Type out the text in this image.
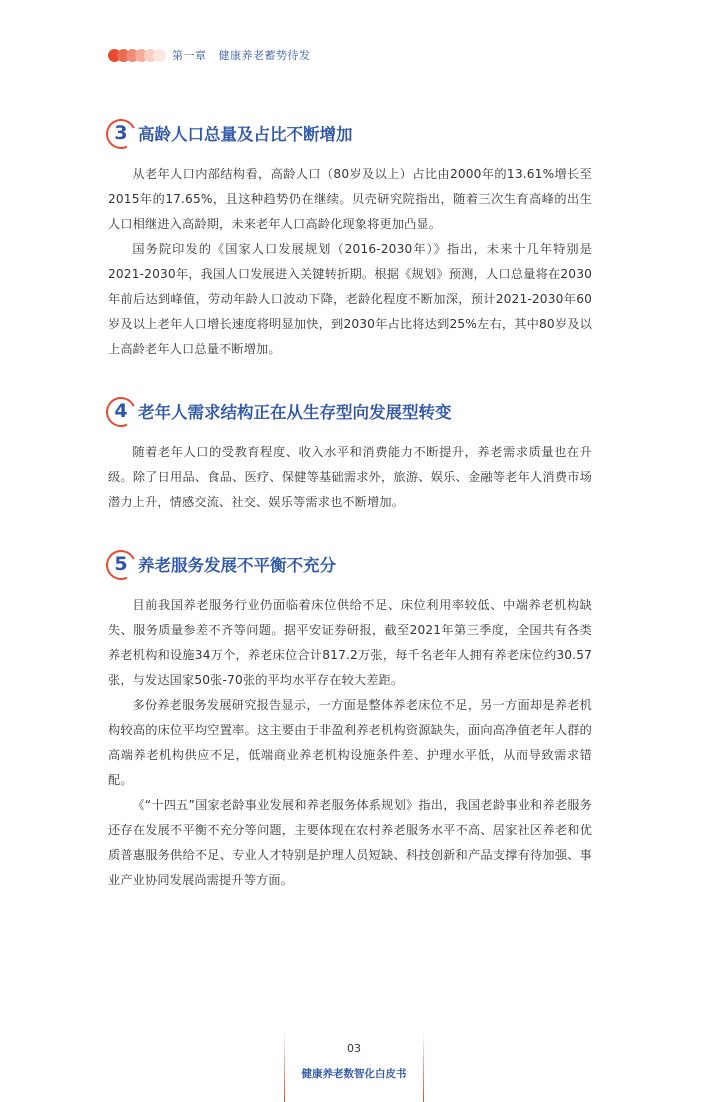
第一章 健康养老蓄势待发
3 高龄人口总量及占比不断增加

从老年人口内部结构看，高龄人口（80岁及以上）占比由2000年的13.61%增长至2015年的17.65%，且这种趋势仍在继续。贝壳研究院指出，随着三次生育高峰的出生人口相继进入高龄期，未来老年人口高龄化现象将更加凸显。

国务院印发的《国家人口发展规划（2016-2030年）》指出，未来十几年特别是2021-2030年，我国人口发展进入关键转折期。根据《规划》预测，人口总量将在2030年前后达到峰值，劳动年龄人口波动下降，老龄化程度不断加深，预计2021-2030年60　岁及以上老年人口增长速度将明显加快，到2030年占比将达到25%左右，其中80岁及以上高龄老年人口总量不断增加。

4 老年人需求结构正在从生存型向发展型转变

随着老年人口的受教育程度、收入水平和消费能力不断提升，养老需求质量也在升级。除了日用品、食品、医疗、保健等基础需求外，旅游、娱乐、金融等老年人消费市场潜力上升，情感交流、社交、娱乐等需求也不断增加。

5 养老服务发展不平衡不充分

目前我国养老服务行业仍面临着床位供给不足、床位利用率较低、中端养老机构缺失、服务质量参差不齐等问题。据平安证券研报，截至2021年第三季度，全国共有各类养老机构和设施34万个，养老床位合计817.2万张，每千名老年人拥有养老床位约30.57张，与发达国家50张-70张的平均水平存在较大差距。

多份养老服务发展研究报告显示，一方面是整体养老床位不足，另一方面却是养老机构较高的床位平均空置率。这主要由于非盈利养老机构资源缺失，面向高净值老年人群的高端养老机构供应不足，低端商业养老机构设施条件差、护理水平低，从而导致需求错配。

《“十四五”国家老龄事业发展和养老服务体系规划》指出，我国老龄事业和养老服务还存在发展不平衡不充分等问题，主要体现在农村养老服务水平不高、居家社区养老和优质普惠服务供给不足、专业人才特别是护理人员短缺、科技创新和产品支撑有待加强、事业产业协同发展尚需提升等方面。

03
健康养老数智化白皮书
